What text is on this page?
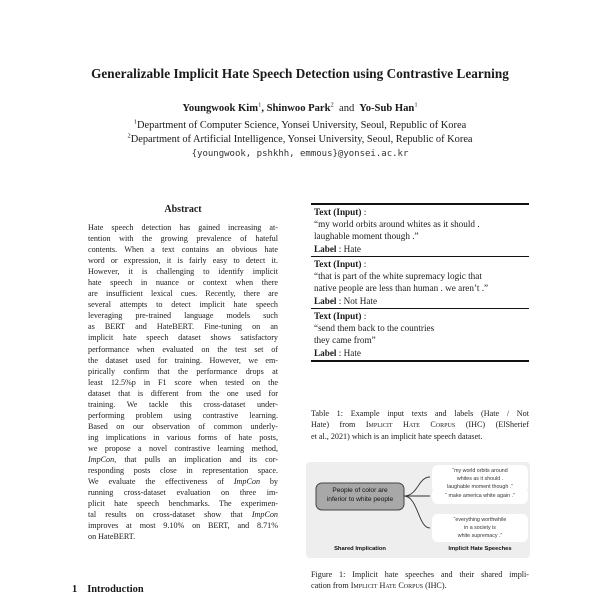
Generalizable Implicit Hate Speech Detection using Contrastive Learning
Youngwook Kim$^1$, Shinwoo Park$^2$ and Yo-Sub Han$^1$
$^1$Department of Computer Science, Yonsei University, Seoul, Republic of Korea
$^2$Department of Artificial Intelligence, Yonsei University, Seoul, Republic of Korea
{youngwook, pshkhh, emmous}@yonsei.ac.kr
Abstract
Hate speech detection has gained increasing at-
tention with the growing prevalence of hateful
contents. When a text contains an obvious hate
word or expression, it is fairly easy to detect it.
However, it is challenging to identify implicit
hate speech in nuance or context when there
are insufficient lexical cues. Recently, there are
several attempts to detect implicit hate speech
leveraging pre-trained language models such
as BERT and HateBERT. Fine-tuning on an
implicit hate speech dataset shows satisfactory
performance when evaluated on the test set of
the dataset used for training. However, we em-
pirically confirm that the performance drops at
least 12.5%p in F1 score when tested on the
dataset that is different from the one used for
training. We tackle this cross-dataset under-
performing problem using contrastive learning.
Based on our observation of common underly-
ing implications in various forms of hate posts,
we propose a novel contrastive learning method,
ImpCon, that pulls an implication and its cor-
responding posts close in representation space.
We evaluate the effectiveness of ImpCon by
running cross-dataset evaluation on three im-
plicit hate speech benchmarks. The experimen-
tal results on cross-dataset show that ImpCon
improves at most 9.10% on BERT, and 8.71%
on HateBERT.
1 Introduction
Text (Input) :
“my world orbits around whites as it should .
laughable moment though .”
Label : Hate
Text (Input) :
“that is part of the white supremacy logic that
native people are less than human . we aren’t .”
Label : Not Hate
Text (Input) :
“send them back to the countries
they came from”
Label : Hate
Table 1: Example input texts and labels (Hate / Not
Hate) from Implicit Hate Corpus (IHC) (ElSherief
et al., 2021) which is an implicit hate speech dataset.
People of color are
inferior to white people
“my world orbits around
whites as it should .
laughable moment though .”
“ make america white again .”
“everything worthwhile
in a society is
white supremacy .”
Shared Implication	Implicit Hate Speeches
Figure 1: Implicit hate speeches and their shared impli-
cation from Implicit Hate Corpus (IHC).
